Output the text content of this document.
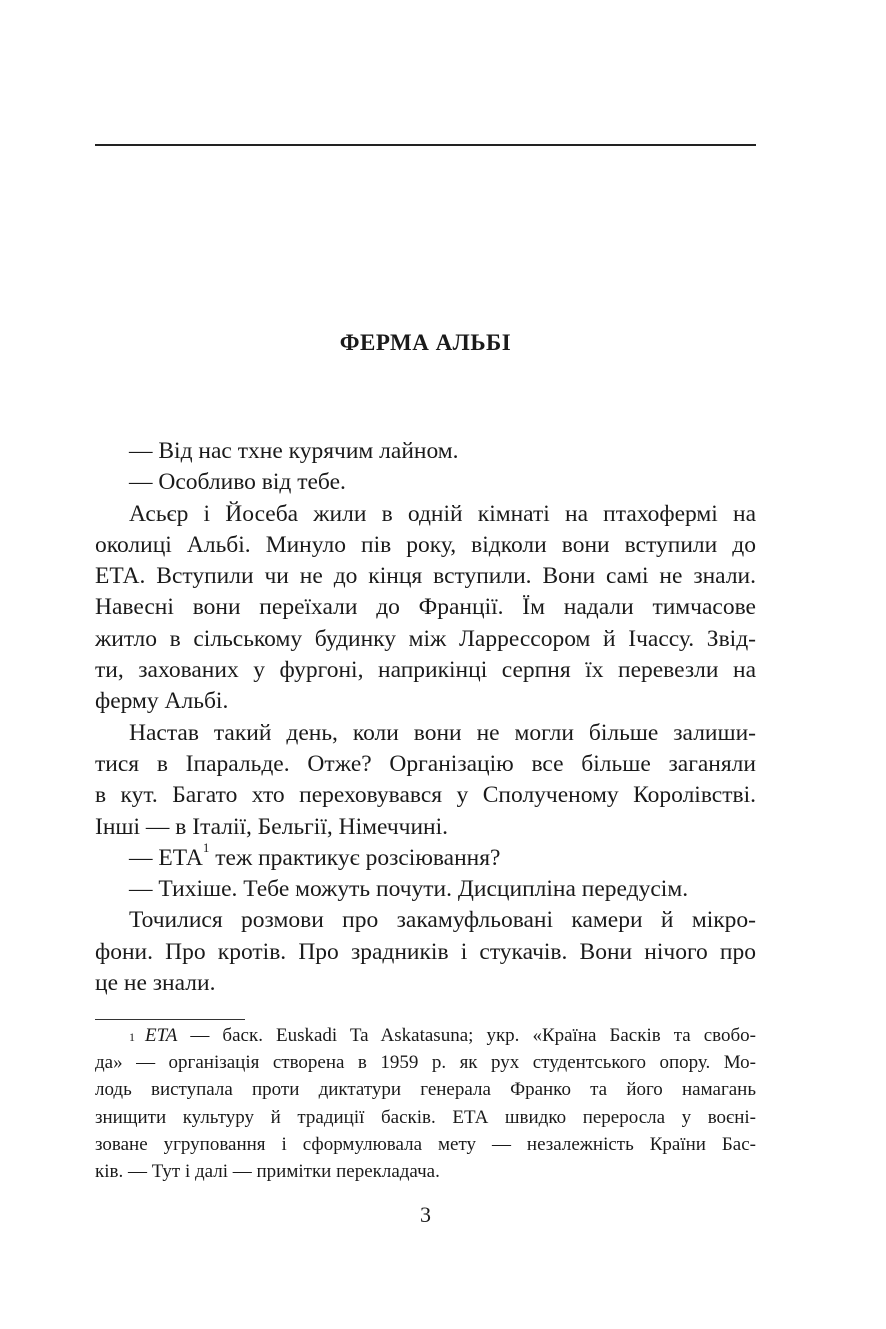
ФЕРМА АЛЬБІ
— Від нас тхне курячим лайном.
— Особливо від тебе.
Асьєр і Йосеба жили в одній кімнаті на птахофермі на
околиці Альбі. Минуло пів року, відколи вони вступили до
ЕТА. Вступили чи не до кінця вступили. Вони самі не знали.
Навесні вони переїхали до Франції. Їм надали тимчасове
житло в сільському будинку між Ларрессором й Ічассу. Звід-
ти, захованих у фургоні, наприкінці серпня їх перевезли на
ферму Альбі.
Настав такий день, коли вони не могли більше залиши-
тися в Іпаральде. Отже? Організацію все більше заганяли
в кут. Багато хто переховувався у Сполученому Королівстві.
Інші — в Італії, Бельгії, Німеччині.
— ЕТА$^1$ теж практикує розсіювання?
— Тихіше. Тебе можуть почути. Дисципліна передусім.
Точилися розмови про закамуфльовані камери й мікро-
фони. Про кротів. Про зрадників і стукачів. Вони нічого про
це не знали.
$^1$ ETA — баск. Euskadi Ta Askatasuna; укр. «Країна Басків та свобо-
да» — організація створена в 1959 р. як рух студентського опору. Мо-
лодь виступала проти диктатури генерала Франко та його намагань
знищити культуру й традиції басків. ЕТА швидко переросла у воєні-
зоване угруповання і сформулювала мету — незалежність Країни Бас-
ків. — Тут і далі — примітки перекладача.
3
